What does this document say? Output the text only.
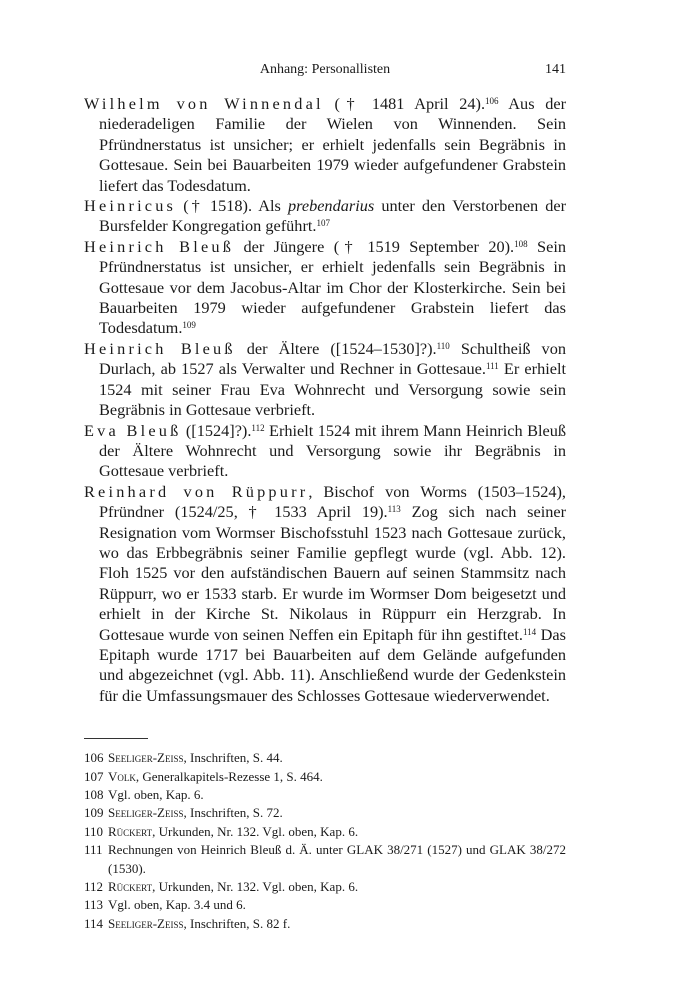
Anhang: Personallisten	141

Wilhelm von Winnendal († 1481 April 24).$^{106}$ Aus der niederadeligen Familie der Wielen von Winnenden. Sein Pfründnerstatus ist unsicher; er erhielt jedenfalls sein Begräbnis in Gottesaue. Sein bei Bauarbeiten 1979 wieder aufgefundener Grabstein liefert das Todesdatum.

Heinricus († 1518). Als prebendarius unter den Verstorbenen der Bursfelder Kongregation geführt.$^{107}$

Heinrich Bleuß der Jüngere († 1519 September 20).$^{108}$ Sein Pfründnerstatus ist unsicher, er erhielt jedenfalls sein Begräbnis in Gottesaue vor dem Jacobus-Altar im Chor der Klosterkirche. Sein bei Bauarbeiten 1979 wieder aufgefundener Grabstein liefert das Todesdatum.$^{109}$

Heinrich Bleuß der Ältere ([1524–1530]?).$^{110}$ Schultheiß von Durlach, ab 1527 als Verwalter und Rechner in Gottesaue.$^{111}$ Er erhielt 1524 mit seiner Frau Eva Wohnrecht und Versorgung sowie sein Begräbnis in Gottesaue verbrieft.

Eva Bleuß ([1524]?).$^{112}$ Erhielt 1524 mit ihrem Mann Heinrich Bleuß der Ältere Wohnrecht und Versorgung sowie ihr Begräbnis in Gottesaue verbrieft.

Reinhard von Rüppurr, Bischof von Worms (1503–1524), Pfründner (1524/25, † 1533 April 19).$^{113}$ Zog sich nach seiner Resignation vom Wormser Bischofsstuhl 1523 nach Gottesaue zurück, wo das Erbbegräbnis seiner Familie gepflegt wurde (vgl. Abb. 12). Floh 1525 vor den aufständischen Bauern auf seinen Stammsitz nach Rüppurr, wo er 1533 starb. Er wurde im Wormser Dom beigesetzt und erhielt in der Kirche St. Nikolaus in Rüppurr ein Herzgrab. In Gottesaue wurde von seinen Neffen ein Epitaph für ihn gestiftet.$^{114}$ Das Epitaph wurde 1717 bei Bauarbeiten auf dem Gelände aufgefunden und abgezeichnet (vgl. Abb. 11). Anschließend wurde der Gedenkstein für die Umfassungsmauer des Schlosses Gottesaue wiederverwendet.

106 Seeliger-Zeiss, Inschriften, S. 44.
107 Volk, Generalkapitels-Rezesse 1, S. 464.
108 Vgl. oben, Kap. 6.
109 Seeliger-Zeiss, Inschriften, S. 72.
110 Rückert, Urkunden, Nr. 132. Vgl. oben, Kap. 6.
111 Rechnungen von Heinrich Bleuß d. Ä. unter GLAK 38/271 (1527) und GLAK 38/272 (1530).
112 Rückert, Urkunden, Nr. 132. Vgl. oben, Kap. 6.
113 Vgl. oben, Kap. 3.4 und 6.
114 Seeliger-Zeiss, Inschriften, S. 82 f.
